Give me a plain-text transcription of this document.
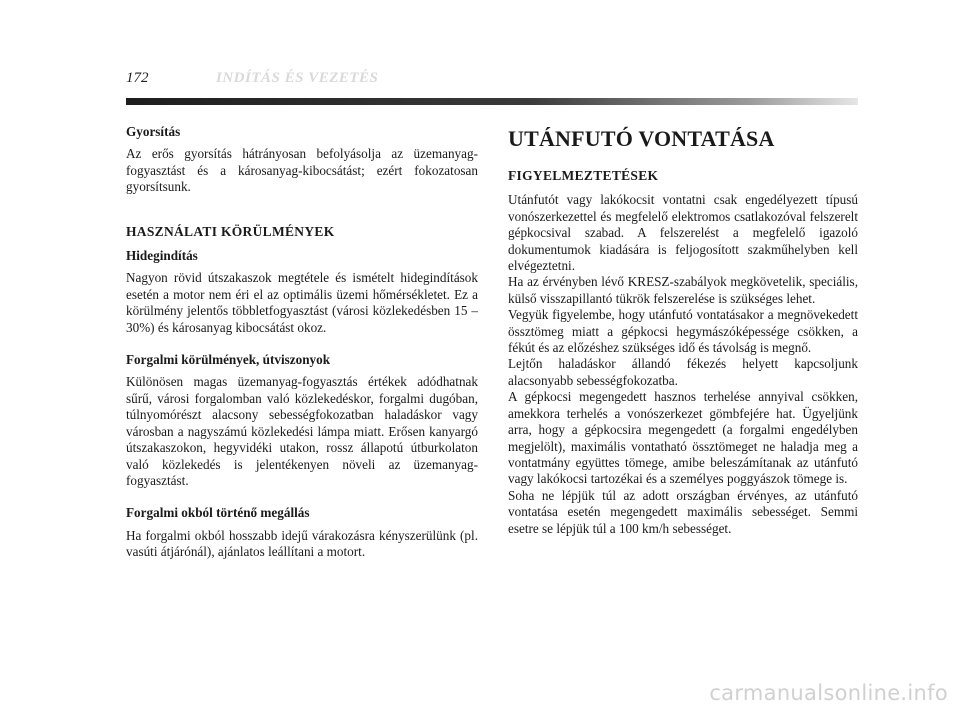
172	INDÍTÁS ÉS VEZETÉS
Gyorsítás

Az erős gyorsítás hátrányosan befolyásolja az üzemanyag-fogyasztást és a károsanyag-kibocsátást; ezért fokozatosan gyorsítsunk.

HASZNÁLATI KÖRÜLMÉNYEK
Hidegindítás

Nagyon rövid útszakaszok megtétele és ismételt hidegindítások esetén a motor nem éri el az optimális üzemi hőmérsékletet. Ez a körülmény jelentős többletfogyasztást (városi közlekedésben 15 – 30%) és károsanyag kibocsátást okoz.

Forgalmi körülmények, útviszonyok

Különösen magas üzemanyag-fogyasztás értékek adódhatnak sűrű, városi forgalomban való közlekedéskor, forgalmi dugóban, túlnyomórészt alacsony sebességfokozatban haladáskor vagy városban a nagyszámú közlekedési lámpa miatt. Erősen kanyargó útszakaszokon, hegyvidéki utakon, rossz állapotú útburkolaton való közlekedés is jelentékenyen növeli az üzemanyag-fogyasztást.

Forgalmi okból történő megállás

Ha forgalmi okból hosszabb idejű várakozásra kényszerülünk (pl. vasúti átjárónál), ajánlatos leállítani a motort.

UTÁNFUTÓ VONTATÁSA
FIGYELMEZTETÉSEK

Utánfutót vagy lakókocsit vontatni csak engedélyezett típusú vonószerkezettel és megfelelő elektromos csatlakozóval felszerelt gépkocsival szabad. A felszerelést a megfelelő igazoló dokumentumok kiadására is feljogosított szakműhelyben kell elvégeztetni.

Ha az érvényben lévő KRESZ-szabályok megkövetelik, speciális, külső visszapillantó tükrök felszerelése is szükséges lehet.

Vegyük figyelembe, hogy utánfutó vontatásakor a megnövekedett össztömeg miatt a gépkocsi hegymászóképessége csökken, a fékút és az előzéshez szükséges idő és távolság is megnő.

Lejtőn haladáskor állandó fékezés helyett kapcsoljunk alacsonyabb sebességfokozatba.

A gépkocsi megengedett hasznos terhelése annyival csökken, amekkora terhelés a vonószerkezet gömbfejére hat. Ügyeljünk arra, hogy a gépkocsira megengedett (a forgalmi engedélyben megjelölt), maximális vontatható össztömeget ne haladja meg a vontatmány együttes tömege, amibe beleszámítanak az utánfutó vagy lakókocsi tartozékai és a személyes poggyászok tömege is.

Soha ne lépjük túl az adott országban érvényes, az utánfutó vontatása esetén megengedett maximális sebességet. Semmi esetre se lépjük túl a 100 km/h sebességet.

carmanualsonline.info
